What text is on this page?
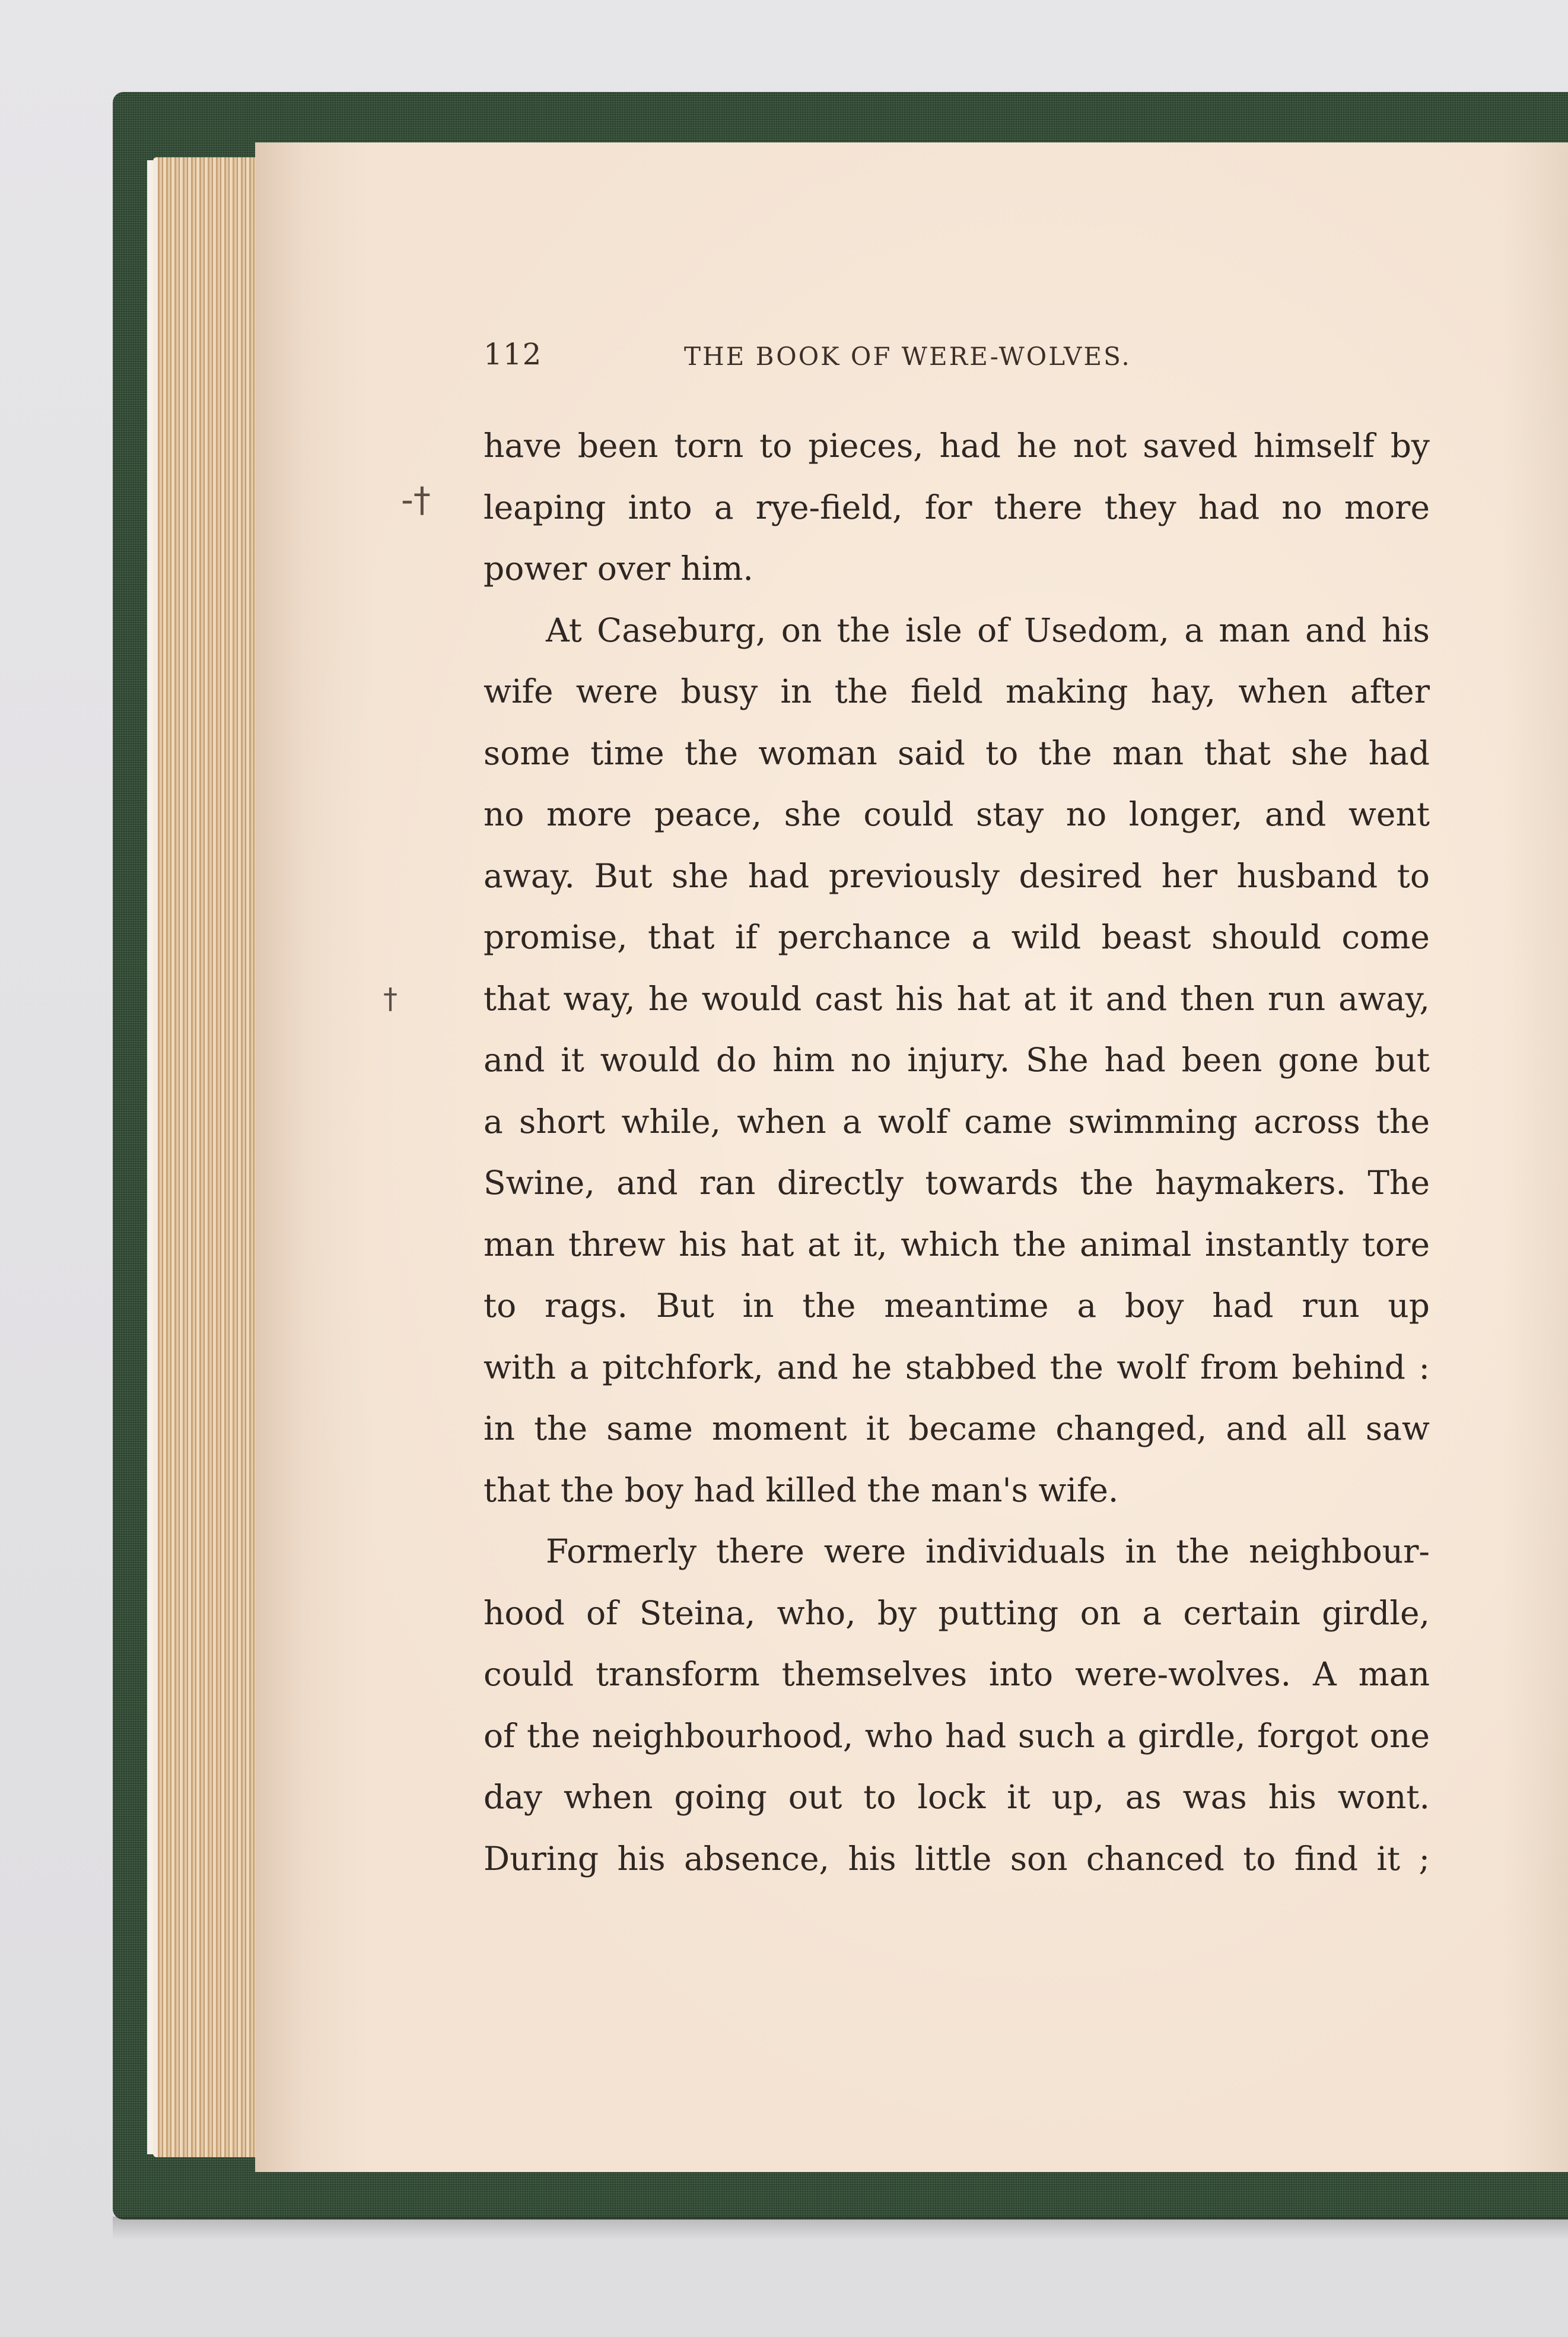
112	THE BOOK OF WERE-WOLVES.
-†
†
have been torn to pieces, had he not saved himself by
leaping into a rye-field, for there they had no more
power over him.
At Caseburg, on the isle of Usedom, a man and his
wife were busy in the field making hay, when after
some time the woman said to the man that she had
no more peace, she could stay no longer, and went
away. But she had previously desired her husband to
promise, that if perchance a wild beast should come
that way, he would cast his hat at it and then run away,
and it would do him no injury. She had been gone but
a short while, when a wolf came swimming across the
Swine, and ran directly towards the haymakers. The
man threw his hat at it, which the animal instantly tore
to rags. But in the meantime a boy had run up
with a pitchfork, and he stabbed the wolf from behind :
in the same moment it became changed, and all saw
that the boy had killed the man's wife.
Formerly there were individuals in the neighbour-
hood of Steina, who, by putting on a certain girdle,
could transform themselves into were-wolves. A man
of the neighbourhood, who had such a girdle, forgot one
day when going out to lock it up, as was his wont.
During his absence, his little son chanced to find it ;
